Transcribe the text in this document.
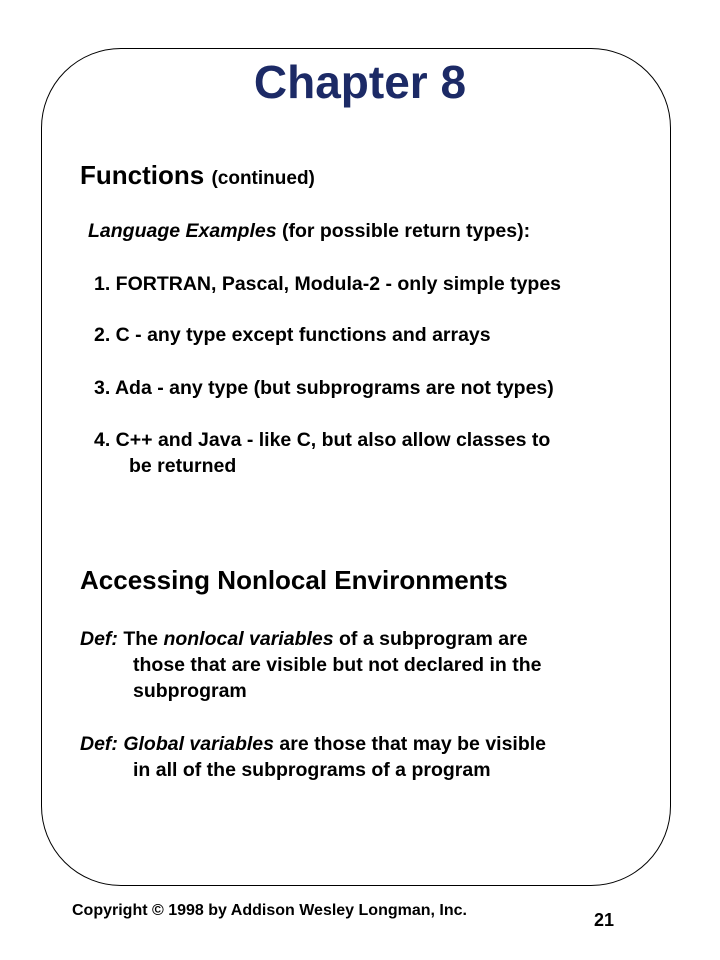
Chapter 8
Functions (continued)
Language Examples (for possible return types):
1. FORTRAN, Pascal, Modula-2 - only simple types
2. C - any type except functions and arrays
3. Ada - any type (but subprograms are not types)
4. C++ and Java - like C, but also allow classes to
be returned
Accessing Nonlocal Environments
Def: The nonlocal variables of a subprogram are
those that are visible but not declared in the
subprogram
Def: Global variables are those that may be visible
in all of the subprograms of a program
Copyright © 1998 by Addison Wesley Longman, Inc.	21
